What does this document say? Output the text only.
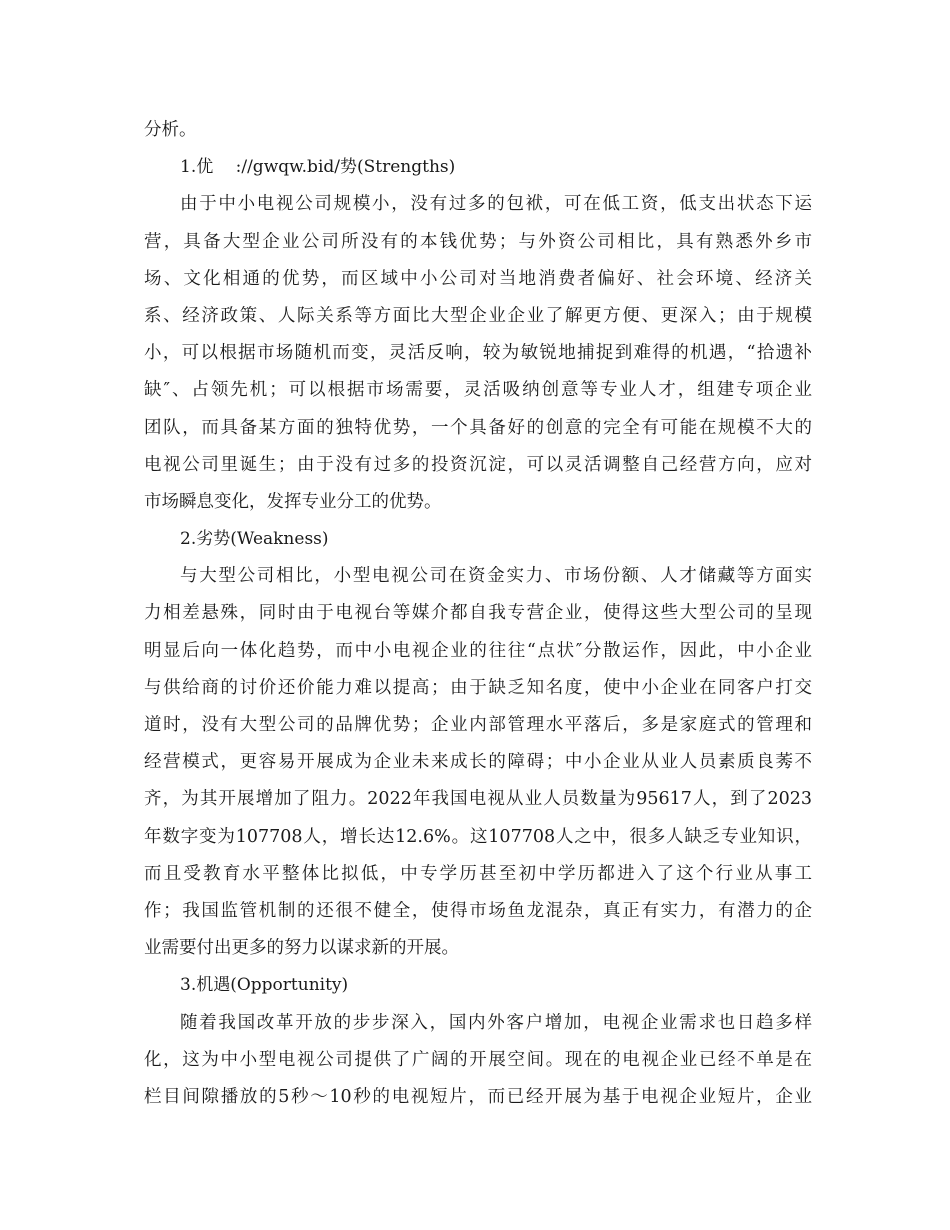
分析。
1.优　 ://gwqw.bid/势(Strengths)
由于中小电视公司规模小，没有过多的包袱，可在低工资，低支出状态下运
营，具备大型企业公司所没有的本钱优势；与外资公司相比，具有熟悉外乡市
场、文化相通的优势，而区域中小公司对当地消费者偏好、社会环境、经济关
系、经济政策、人际关系等方面比大型企业企业了解更方便、更深入；由于规模
小，可以根据市场随机而变，灵活反响，较为敏锐地捕捉到难得的机遇，“拾遗补
缺″、占领先机；可以根据市场需要，灵活吸纳创意等专业人才，组建专项企业
团队，而具备某方面的独特优势，一个具备好的创意的完全有可能在规模不大的
电视公司里诞生；由于没有过多的投资沉淀，可以灵活调整自己经营方向，应对
市场瞬息变化，发挥专业分工的优势。
2.劣势(Weakness)
与大型公司相比，小型电视公司在资金实力、市场份额、人才储藏等方面实
力相差悬殊，同时由于电视台等媒介都自我专营企业，使得这些大型公司的呈现
明显后向一体化趋势，而中小电视企业的往往“点状″分散运作，因此，中小企业
与供给商的讨价还价能力难以提高；由于缺乏知名度，使中小企业在同客户打交
道时，没有大型公司的品牌优势；企业内部管理水平落后，多是家庭式的管理和
经营模式，更容易开展成为企业未来成长的障碍；中小企业从业人员素质良莠不
齐，为其开展增加了阻力。2022年我国电视从业人员数量为95617人，到了2023
年数字变为107708人，增长达12.6%。这107708人之中，很多人缺乏专业知识，
而且受教育水平整体比拟低，中专学历甚至初中学历都进入了这个行业从事工
作；我国监管机制的还很不健全，使得市场鱼龙混杂，真正有实力，有潜力的企
业需要付出更多的努力以谋求新的开展。
3.机遇(Opportunity)
随着我国改革开放的步步深入，国内外客户增加，电视企业需求也日趋多样
化，这为中小型电视公司提供了广阔的开展空间。现在的电视企业已经不单是在
栏目间隙播放的5秒～10秒的电视短片，而已经开展为基于电视企业短片，企业
